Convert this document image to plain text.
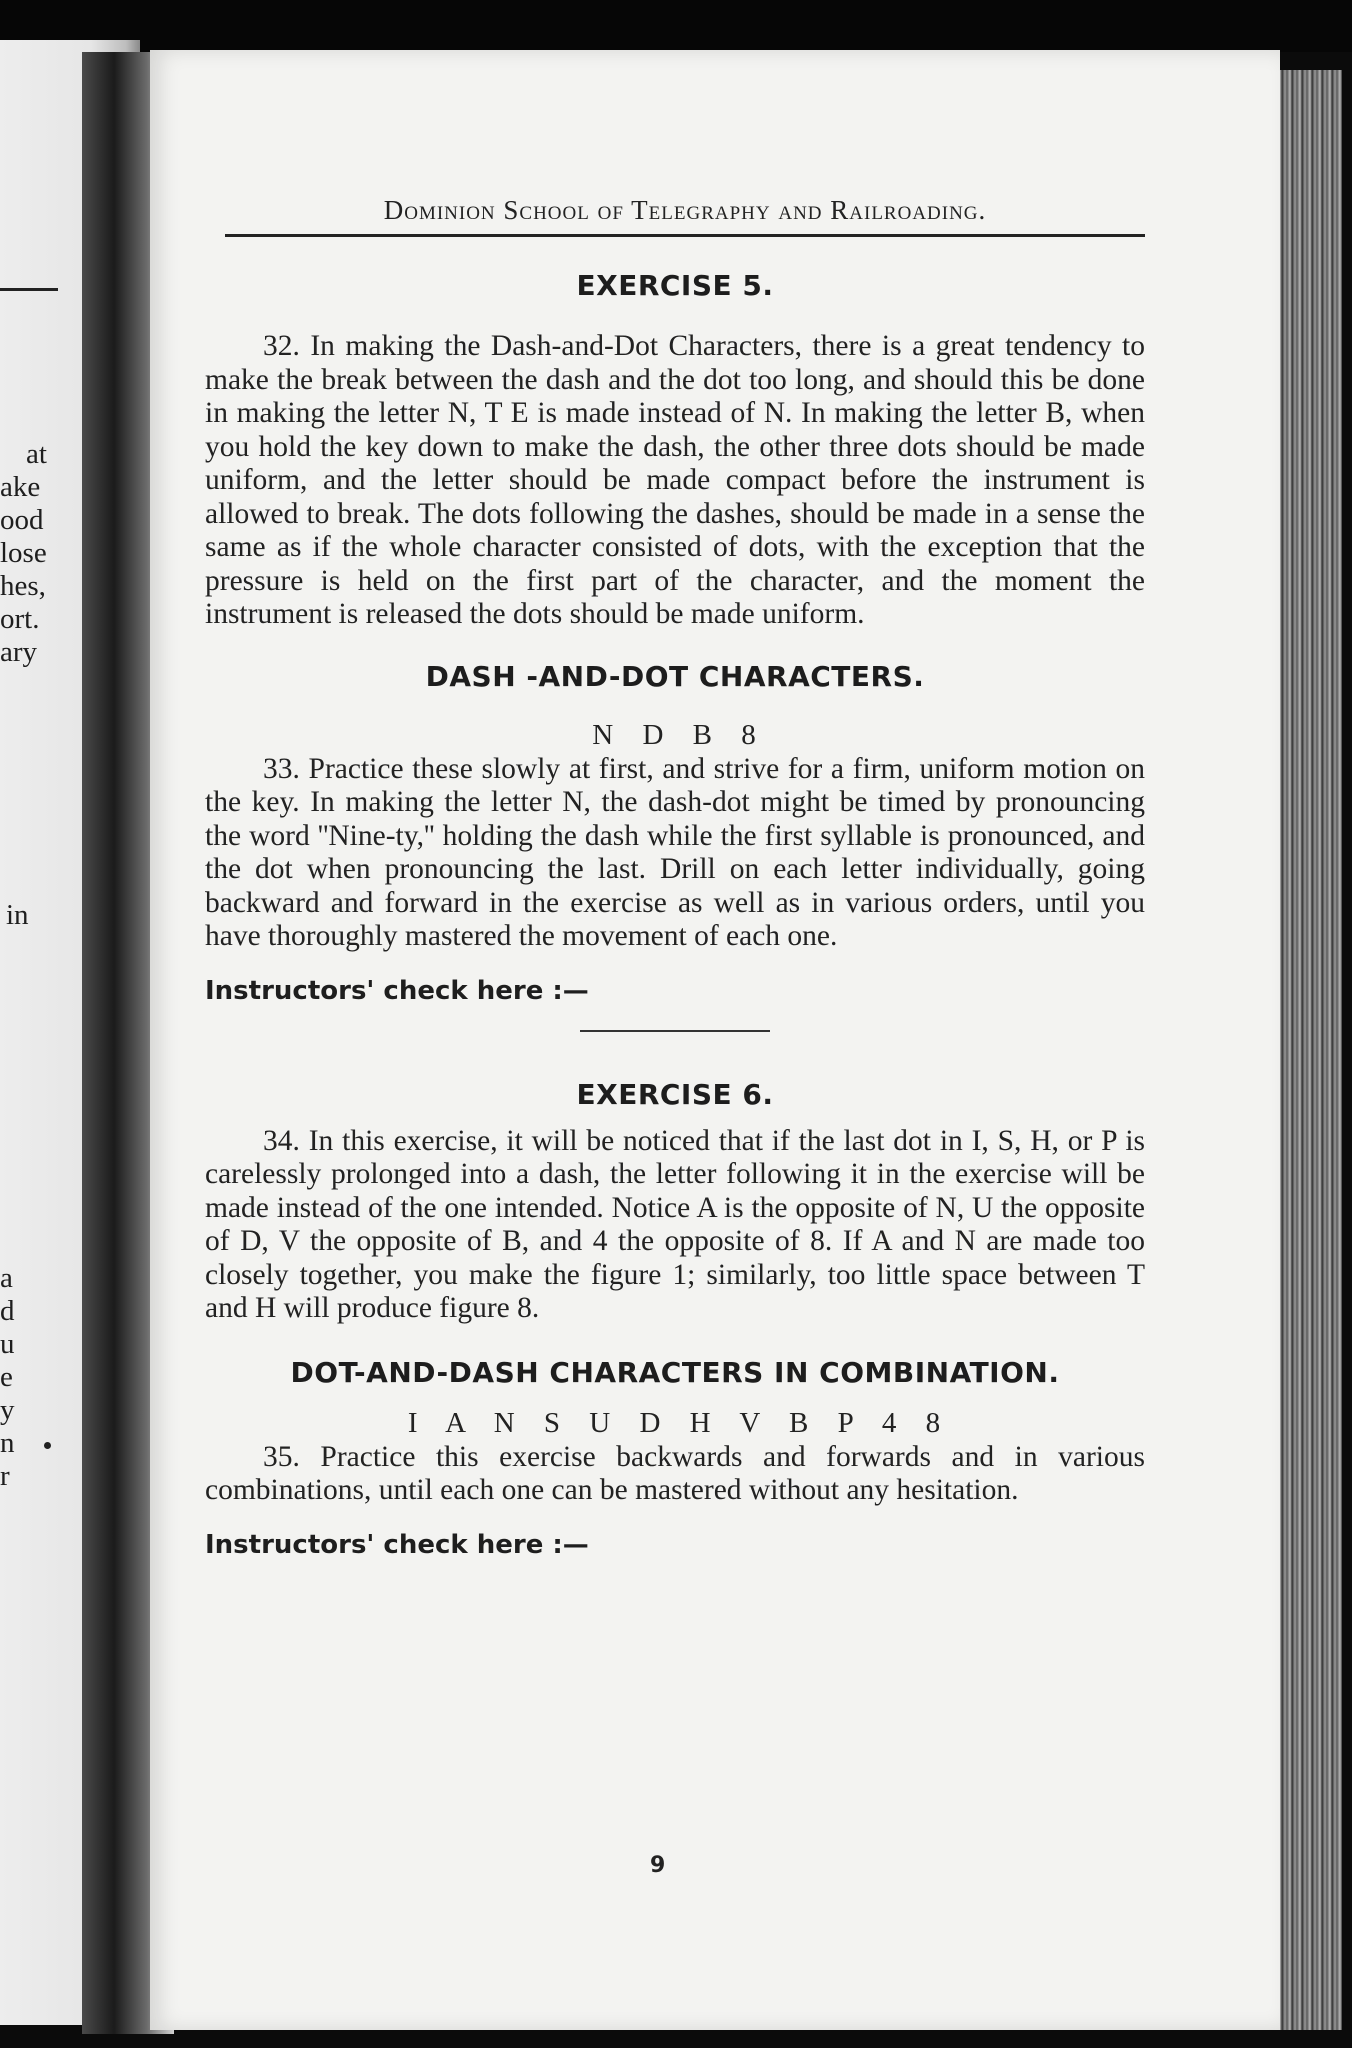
at
ake
ood
lose
hes,
ort.
ary
in
a
d
u
e
y
n
r
Dominion School of Telegraphy and Railroading.
EXERCISE 5.

32. In making the Dash-and-Dot Characters, there is a great tendency to make the break between the dash and the dot too long, and should this be done in making the letter N, T E is made instead of N. In making the letter B, when you hold the key down to make the dash, the other three dots should be made uniform, and the letter should be made compact before the instrument is allowed to break. The dots following the dashes, should be made in a sense the same as if the whole character consisted of dots, with the exception that the pressure is held on the first part of the character, and the moment the instrument is released the dots should be made uniform.

DASH -AND-DOT CHARACTERS.
N D B 8

33. Practice these slowly at first, and strive for a firm, uniform motion on the key. In making the letter N, the dash-dot might be timed by pronouncing the word ''Nine-ty,'' holding the dash while the first syllable is pronounced, and the dot when pronouncing the last. Drill on each letter individually, going backward and forward in the exercise as well as in various orders, until you have thoroughly mastered the movement of each one.

Instructors' check here :—
EXERCISE 6.

34. In this exercise, it will be noticed that if the last dot in I, S, H, or P is carelessly prolonged into a dash, the letter following it in the exercise will be made instead of the one intended. Notice A is the opposite of N, U the opposite of D, V the opposite of B, and 4 the opposite of 8. If A and N are made too closely together, you make the figure 1; similarly, too little space between T and H will produce figure 8.

DOT-AND-DASH CHARACTERS IN COMBINATION.
I A N S U D H V B P 4 8

35. Practice this exercise backwards and forwards and in various combinations, until each one can be mastered without any hesitation.

Instructors' check here :—
9
